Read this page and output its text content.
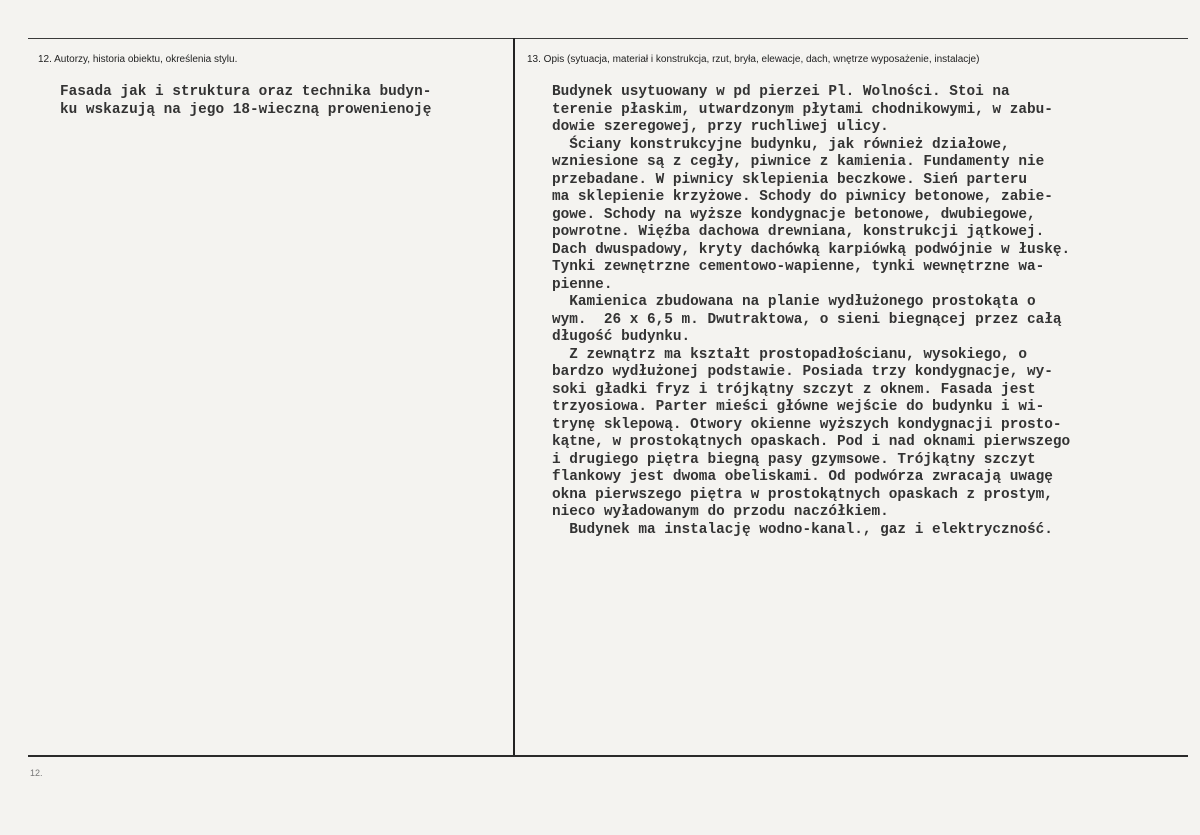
12. Autorzy, historia obiektu, określenia stylu.	13. Opis (sytuacja, materiał i konstrukcja, rzut, bryła, elewacje, dach, wnętrze wyposażenie, instalacje)
Fasada jak i struktura oraz technika budyn-
ku wskazują na jego 18-wieczną prowenienoję
Budynek usytuowany w pd pierzei Pl. Wolności. Stoi na
terenie płaskim, utwardzonym płytami chodnikowymi, w zabu-
dowie szeregowej, przy ruchliwej ulicy.
Ściany konstrukcyjne budynku, jak również działowe,
wzniesione są z cegły, piwnice z kamienia. Fundamenty nie
przebadane. W piwnicy sklepienia beczkowe. Sień parteru
ma sklepienie krzyżowe. Schody do piwnicy betonowe, zabie-
gowe. Schody na wyższe kondygnacje betonowe, dwubiegowe,
powrotne. Więźba dachowa drewniana, konstrukcji jątkowej.
Dach dwuspadowy, kryty dachówką karpiówką podwójnie w łuskę.
Tynki zewnętrzne cementowo-wapienne, tynki wewnętrzne wa-
pienne.
Kamienica zbudowana na planie wydłużonego prostokąta o
wym.  26 x 6,5 m. Dwutraktowa, o sieni biegnącej przez całą
długość budynku.
Z zewnątrz ma kształt prostopadłościanu, wysokiego, o
bardzo wydłużonej podstawie. Posiada trzy kondygnacje, wy-
soki gładki fryz i trójkątny szczyt z oknem. Fasada jest
trzyosiowa. Parter mieści główne wejście do budynku i wi-
trynę sklepową. Otwory okienne wyższych kondygnacji prosto-
kątne, w prostokątnych opaskach. Pod i nad oknami pierwszego
i drugiego piętra biegną pasy gzymsowe. Trójkątny szczyt
flankowy jest dwoma obeliskami. Od podwórza zwracają uwagę
okna pierwszego piętra w prostokątnych opaskach z prostym,
nieco wyładowanym do przodu naczółkiem.
Budynek ma instalację wodno-kanal., gaz i elektryczność.
12.
